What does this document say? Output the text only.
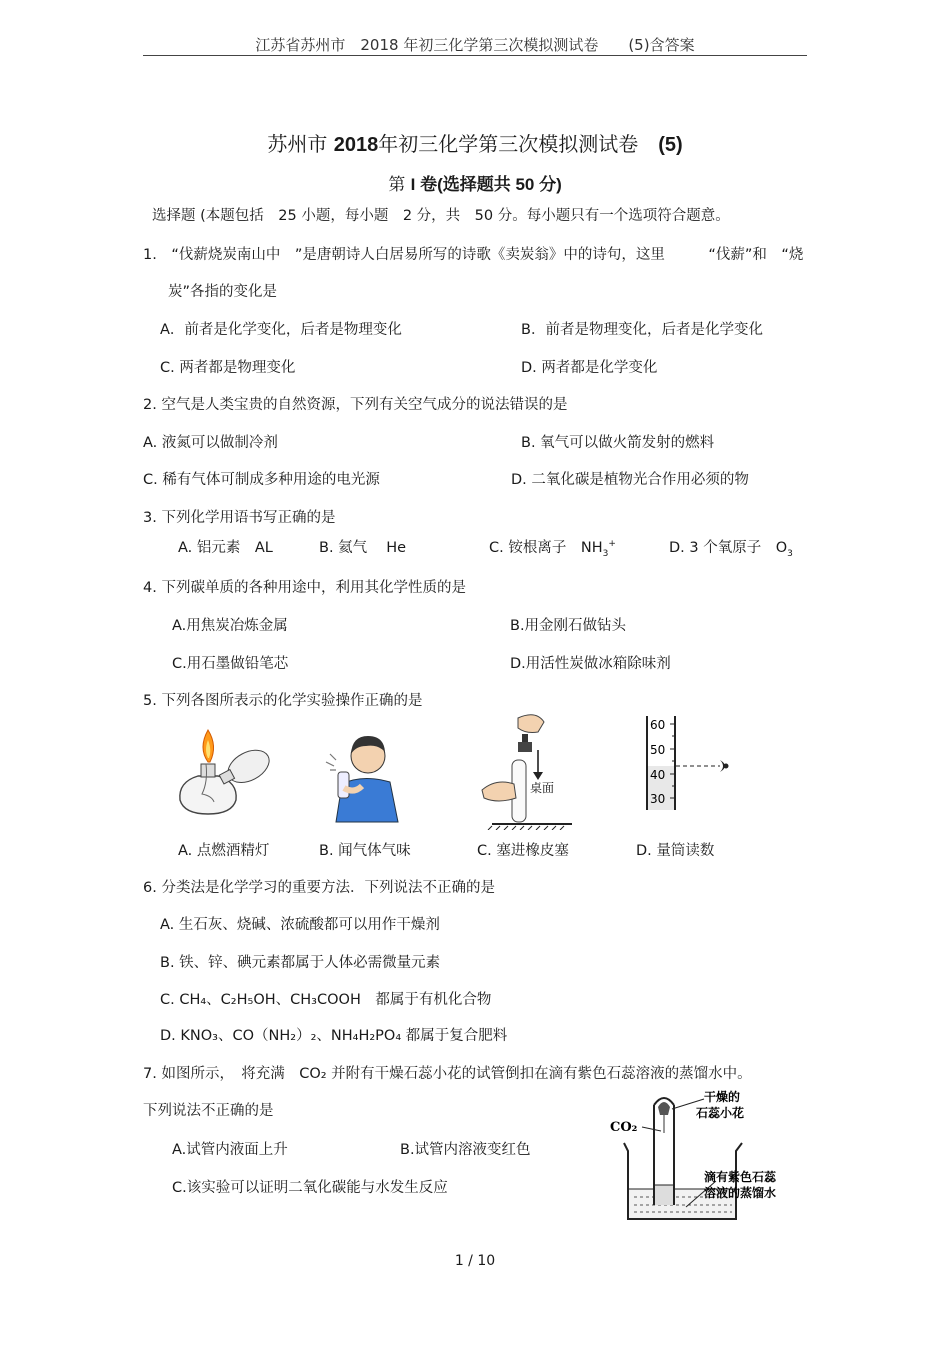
江苏省苏州市　2018 年初三化学第三次模拟测试卷　　(5)含答案
苏州市 2018年初三化学第三次模拟测试卷　(5)
第 I 卷(选择题共 50 分)
选择题 (本题包括　25 小题，每小题　2 分，共　50 分。每小题只有一个选项符合题意。
1.　“伐薪烧炭南山中　”是唐朝诗人白居易所写的诗歌《卖炭翁》中的诗句，这里　　　“伐薪”和　“烧
炭”各指的变化是
A．前者是化学变化，后者是物理变化	B．前者是物理变化，后者是化学变化
C. 两者都是物理变化	D. 两者都是化学变化
2. 空气是人类宝贵的自然资源，下列有关空气成分的说法错误的是
A. 液氮可以做制冷剂	B. 氧气可以做火箭发射的燃料
C. 稀有气体可制成多种用途的电光源	D. 二氧化碳是植物光合作用必须的物
3. 下列化学用语书写正确的是
A. 铝元素　AL	B. 氦气　 He	C. 铵根离子　$NH_3^+$	D. 3 个氧原子　$O_3$
4. 下列碳单质的各种用途中，利用其化学性质的是
A.用焦炭冶炼金属	B.用金刚石做钻头
C.用石墨做铅笔芯	D.用活性炭做冰箱除味剂
5. 下列各图所表示的化学实验操作正确的是
桌面
60
50
40
30
A. 点燃酒精灯	B. 闻气体气味	C. 塞进橡皮塞	D. 量筒读数
6. 分类法是化学学习的重要方法．下列说法不正确的是
A. 生石灰、烧碱、浓硫酸都可以用作干燥剂
B. 铁、锌、碘元素都属于人体必需微量元素
C. CH₄、C₂H₅OH、CH₃COOH　都属于有机化合物
D. KNO₃、CO（NH₂）₂、NH₄H₂PO₄ 都属于复合肥料
7. 如图所示，　将充满　CO₂ 并附有干燥石蕊小花的试管倒扣在滴有紫色石蕊溶液的蒸馏水中。
下列说法不正确的是
A.试管内液面上升	B.试管内溶液变红色
C.该实验可以证明二氧化碳能与水发生反应
CO₂
干燥的
石蕊小花
滴有紫色石蕊
溶液的蒸馏水
1 / 10
